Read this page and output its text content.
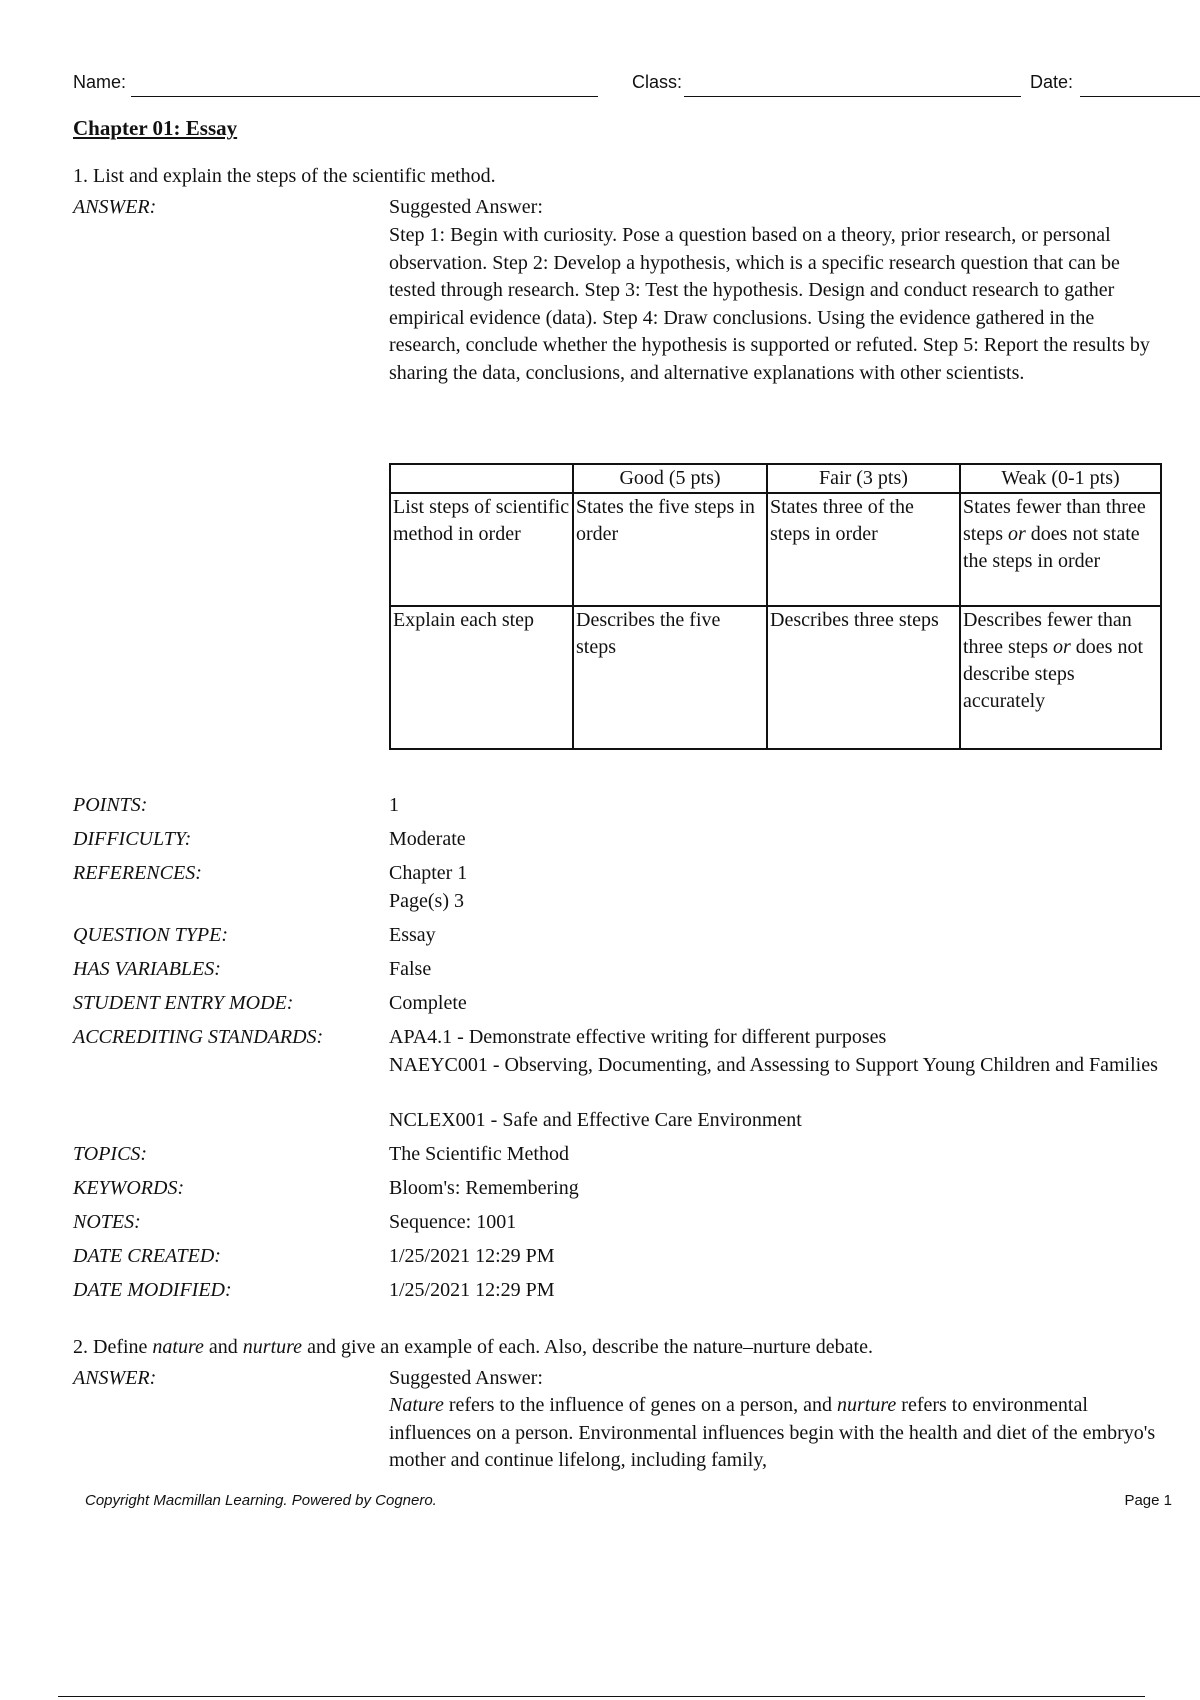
Name:	Class:	Date:
Chapter 01: Essay
1. List and explain the steps of the scientific method.
ANSWER:	Suggested Answer:
Step 1: Begin with curiosity. Pose a question based on a theory, prior research, or personal observation. Step 2: Develop a hypothesis, which is a specific research question that can be tested through research. Step 3: Test the hypothesis. Design and conduct research to gather empirical evidence (data). Step 4: Draw conclusions. Using the evidence gathered in the research, conclude whether the hypothesis is supported or refuted. Step 5: Report the results by sharing the data, conclusions, and alternative explanations with other scientists.
	Good (5 pts)	Fair (3 pts)	Weak (0-1 pts)
List steps of scientific method in order	States the five steps in order	States three of the steps in order	States fewer than three steps or does not state the steps in order
Explain each step	Describes the five steps	Describes three steps	Describes fewer than three steps or does not describe steps accurately
POINTS:	1
DIFFICULTY:	Moderate
REFERENCES:	Chapter 1
Page(s) 3
QUESTION TYPE:	Essay
HAS VARIABLES:	False
STUDENT ENTRY MODE:	Complete
ACCREDITING STANDARDS:	APA4.1 - Demonstrate effective writing for different purposes
NAEYC001 - Observing, Documenting, and Assessing to Support Young Children and Families
NCLEX001 - Safe and Effective Care Environment
TOPICS:	The Scientific Method
KEYWORDS:	Bloom's: Remembering
NOTES:	Sequence: 1001
DATE CREATED:	1/25/2021 12:29 PM
DATE MODIFIED:	1/25/2021 12:29 PM
2. Define nature and nurture and give an example of each. Also, describe the nature–nurture debate.
ANSWER:	Suggested Answer:
Nature refers to the influence of genes on a person, and nurture refers to environmental influences on a person. Environmental influences begin with the health and diet of the embryo's mother and continue lifelong, including family,
Copyright Macmillan Learning. Powered by Cognero.	Page 1
